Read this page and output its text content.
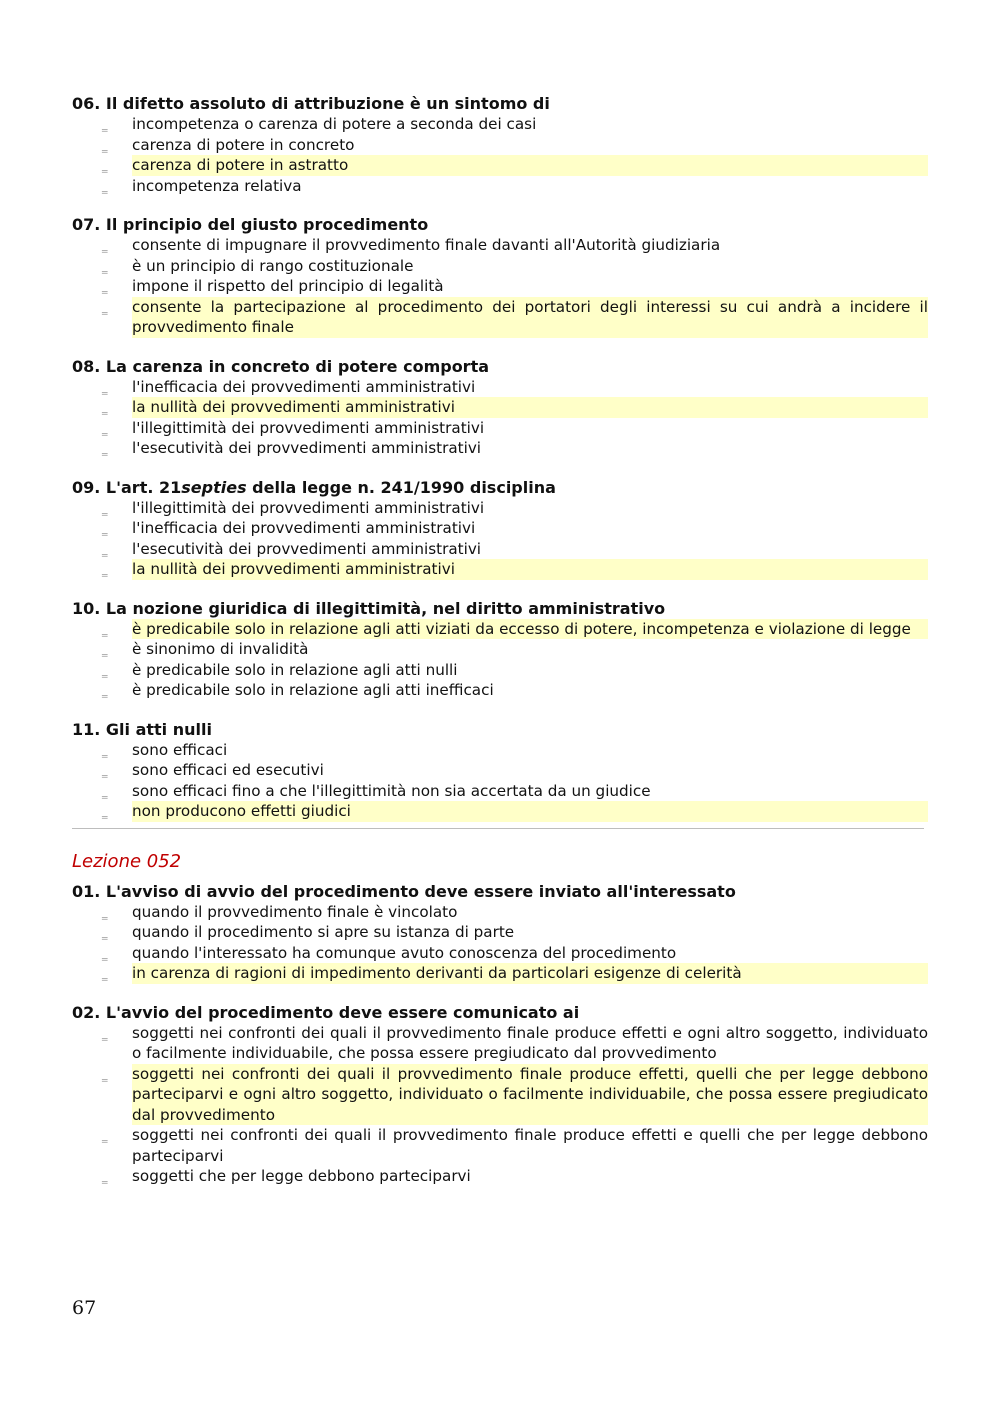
06. Il difetto assoluto di attribuzione è un sintomo di

‗ incompetenza o carenza di potere a seconda dei casi
‗ carenza di potere in concreto
‗ carenza di potere in astratto
‗ incompetenza relativa

07. Il principio del giusto procedimento

‗ consente di impugnare il provvedimento finale davanti all'Autorità giudiziaria
‗ è un principio di rango costituzionale
‗ impone il rispetto del principio di legalità
‗ consente la partecipazione al procedimento dei portatori degli interessi su cui andrà a incidere il provvedimento finale

08. La carenza in concreto di potere comporta

‗ l'inefficacia dei provvedimenti amministrativi
‗ la nullità dei provvedimenti amministrativi
‗ l'illegittimità dei provvedimenti amministrativi
‗ l'esecutività dei provvedimenti amministrativi

09. L'art. 21septies della legge n. 241/1990 disciplina

‗ l'illegittimità dei provvedimenti amministrativi
‗ l'inefficacia dei provvedimenti amministrativi
‗ l'esecutività dei provvedimenti amministrativi
‗ la nullità dei provvedimenti amministrativi

10. La nozione giuridica di illegittimità, nel diritto amministrativo

‗ è predicabile solo in relazione agli atti viziati da eccesso di potere, incompetenza e violazione di legge
‗ è sinonimo di invalidità
‗ è predicabile solo in relazione agli atti nulli
‗ è predicabile solo in relazione agli atti inefficaci

11. Gli atti nulli

‗ sono efficaci
‗ sono efficaci ed esecutivi
‗ sono efficaci fino a che l'illegittimità non sia accertata da un giudice
‗ non producono effetti giudici
Lezione 052

01. L'avviso di avvio del procedimento deve essere inviato all'interessato

‗ quando il provvedimento finale è vincolato
‗ quando il procedimento si apre su istanza di parte
‗ quando l'interessato ha comunque avuto conoscenza del procedimento
‗ in carenza di ragioni di impedimento derivanti da particolari esigenze di celerità

02. L'avvio del procedimento deve essere comunicato ai

‗ soggetti nei confronti dei quali il provvedimento finale produce effetti e ogni altro soggetto, individuato o facilmente individuabile, che possa essere pregiudicato dal provvedimento
‗ soggetti nei confronti dei quali il provvedimento finale produce effetti, quelli che per legge debbono parteciparvi e ogni altro soggetto, individuato o facilmente individuabile, che possa essere pregiudicato dal provvedimento
‗ soggetti nei confronti dei quali il provvedimento finale produce effetti e quelli che per legge debbono parteciparvi
‗ soggetti che per legge debbono parteciparvi
67
